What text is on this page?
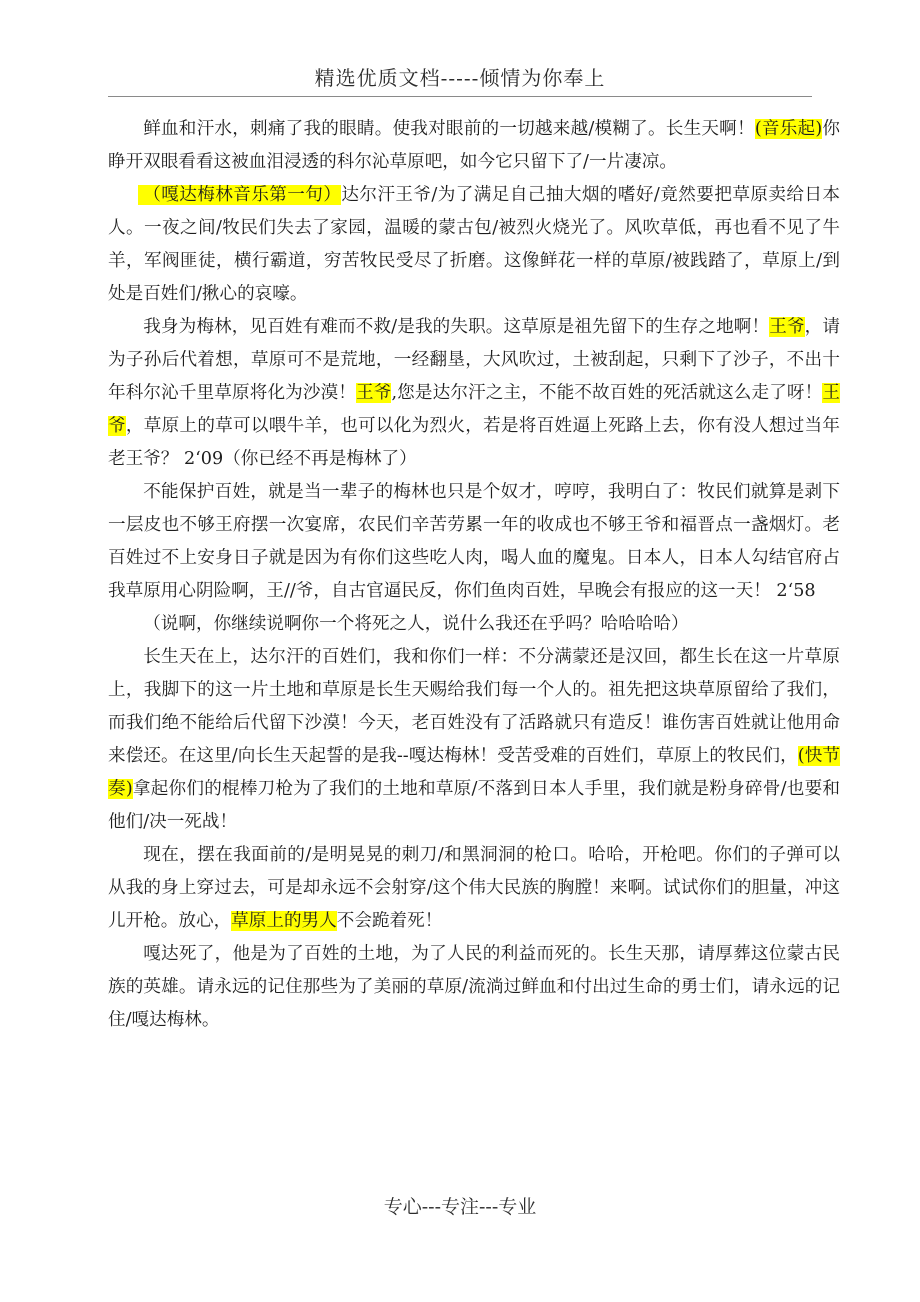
精选优质文档-----倾情为你奉上

鲜血和汗水，刺痛了我的眼睛。使我对眼前的一切越来越/模糊了。长生天啊！(音乐起)你睁开双眼看看这被血泪浸透的科尔沁草原吧，如今它只留下了/一片凄凉。

（嘎达梅林音乐第一句）达尔汗王爷/为了满足自己抽大烟的嗜好/竟然要把草原卖给日本人。一夜之间/牧民们失去了家园，温暖的蒙古包/被烈火烧光了。风吹草低，再也看不见了牛羊，军阀匪徒，横行霸道，穷苦牧民受尽了折磨。这像鲜花一样的草原/被践踏了，草原上/到处是百姓们/揪心的哀嚎。

我身为梅林，见百姓有难而不救/是我的失职。这草原是祖先留下的生存之地啊！王爷，请为子孙后代着想，草原可不是荒地，一经翻垦，大风吹过，土被刮起，只剩下了沙子，不出十年科尔沁千里草原将化为沙漠！王爷,您是达尔汗之主，不能不故百姓的死活就这么走了呀！王爷，草原上的草可以喂牛羊，也可以化为烈火，若是将百姓逼上死路上去，你有没人想过当年老王爷？ 2‘09（你已经不再是梅林了）

不能保护百姓，就是当一辈子的梅林也只是个奴才，哼哼，我明白了：牧民们就算是剥下一层皮也不够王府摆一次宴席，农民们辛苦劳累一年的收成也不够王爷和福晋点一盏烟灯。老百姓过不上安身日子就是因为有你们这些吃人肉，喝人血的魔鬼。日本人，日本人勾结官府占我草原用心阴险啊，王//爷，自古官逼民反，你们鱼肉百姓，早晚会有报应的这一天！ 2‘58

（说啊，你继续说啊你一个将死之人，说什么我还在乎吗？哈哈哈哈）

长生天在上，达尔汗的百姓们，我和你们一样：不分满蒙还是汉回，都生长在这一片草原上，我脚下的这一片土地和草原是长生天赐给我们每一个人的。祖先把这块草原留给了我们，而我们绝不能给后代留下沙漠！今天，老百姓没有了活路就只有造反！谁伤害百姓就让他用命来偿还。在这里/向长生天起誓的是我--嘎达梅林！受苦受难的百姓们，草原上的牧民们，(快节奏)拿起你们的棍棒刀枪为了我们的土地和草原/不落到日本人手里，我们就是粉身碎骨/也要和他们/决一死战！

现在，摆在我面前的/是明晃晃的刺刀/和黑洞洞的枪口。哈哈，开枪吧。你们的子弹可以从我的身上穿过去，可是却永远不会射穿/这个伟大民族的胸膛！来啊。试试你们的胆量，冲这儿开枪。放心，草原上的男人不会跪着死！

嘎达死了，他是为了百姓的土地，为了人民的利益而死的。长生天那，请厚葬这位蒙古民族的英雄。请永远的记住那些为了美丽的草原/流淌过鲜血和付出过生命的勇士们，请永远的记住/嘎达梅林。

专心---专注---专业
